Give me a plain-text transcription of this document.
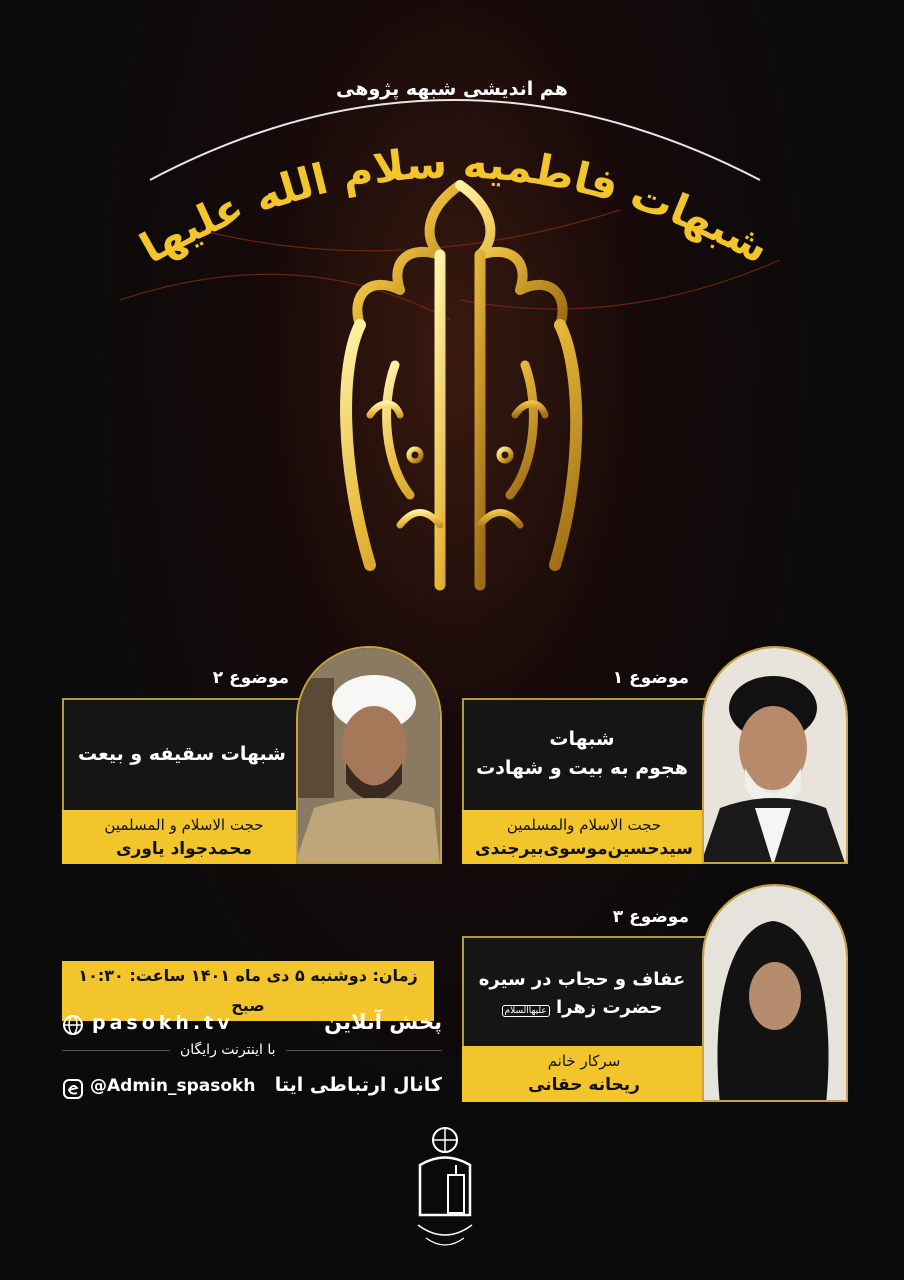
هم اندیشی شبهه پژوهی
شبهات فاطمیه سلام الله علیها
موضوع ۱
شبهات
هجوم به بیت و شهادت
حجت الاسلام والمسلمین
سیدحسین‌موسوی‌بیرجندی
موضوع ۲
شبهات سقیفه و بیعت
حجت الاسلام و المسلمین
محمدجواد یاوری
موضوع ۳
عفاف و حجاب در سیره
حضرت زهرا علیهاالسلام
سرکار خانم
ریحانه حقانی
زمان: دوشنبه ۵ دی ماه ۱۴۰۱ ساعت: ۱۰:۳۰ صبح
پخش آنلاین
pasokh.tv
با اینترنت رایگان
کانال ارتباطی ایتا
@Admin_spasokh
